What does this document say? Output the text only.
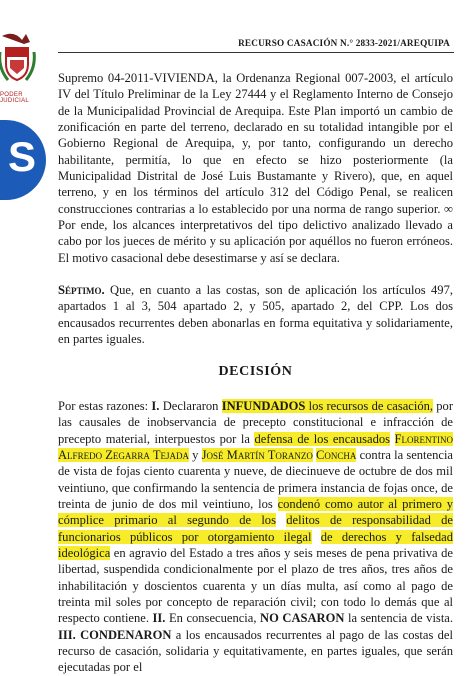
PODER JUDICIAL
S
RECURSO CASACIÓN N.° 2833-2021/AREQUIPA

Supremo 04-2011-VIVIENDA, la Ordenanza Regional 007-2003, el artículo IV del Título Preliminar de la Ley 27444 y el Reglamento Interno de Consejo de la Municipalidad Provincial de Arequipa. Este Plan importó un cambio de zonificación en parte del terreno, declarado en su totalidad intangible por el Gobierno Regional de Arequipa, y, por tanto, configurando un derecho habilitante, permitía, lo que en efecto se hizo posteriormente (la Municipalidad Distrital de José Luis Bustamante y Rivero), que, en aquel terreno, y en los términos del artículo 312 del Código Penal, se realicen construcciones contrarias a lo establecido por una norma de rango superior. ∞ Por ende, los alcances interpretativos del tipo delictivo analizado llevado a cabo por los jueces de mérito y su aplicación por aquéllos no fueron erróneos. El motivo casacional debe desestimarse y así se declara.

Séptimo. Que, en cuanto a las costas, son de aplicación los artículos 497, apartados 1 al 3, 504 apartado 2, y 505, apartado 2, del CPP. Los dos encausados recurrentes deben abonarlas en forma equitativa y solidariamente, en partes iguales.

DECISIÓN

Por estas razones: I. Declararon INFUNDADOS los recursos de casación, por las causales de inobservancia de precepto constitucional e infracción de precepto material, interpuestos por la defensa de los encausados Florentino Alfredo Zegarra Tejada y José Martín Toranzo Concha contra la sentencia de vista de fojas ciento cuarenta y nueve, de diecinueve de octubre de dos mil veintiuno, que confirmando la sentencia de primera instancia de fojas once, de treinta de junio de dos mil veintiuno, los condenó como autor al primero y cómplice primario al segundo de los delitos de responsabilidad de funcionarios públicos por otorgamiento ilegal de derechos y falsedad ideológica en agravio del Estado a tres años y seis meses de pena privativa de libertad, suspendida condicionalmente por el plazo de tres años, tres años de inhabilitación y doscientos cuarenta y un días multa, así como al pago de treinta mil soles por concepto de reparación civil; con todo lo demás que al respecto contiene. II. En consecuencia, NO CASARON la sentencia de vista. III. CONDENARON a los encausados recurrentes al pago de las costas del recurso de casación, solidaria y equitativamente, en partes iguales, que serán ejecutadas por el
